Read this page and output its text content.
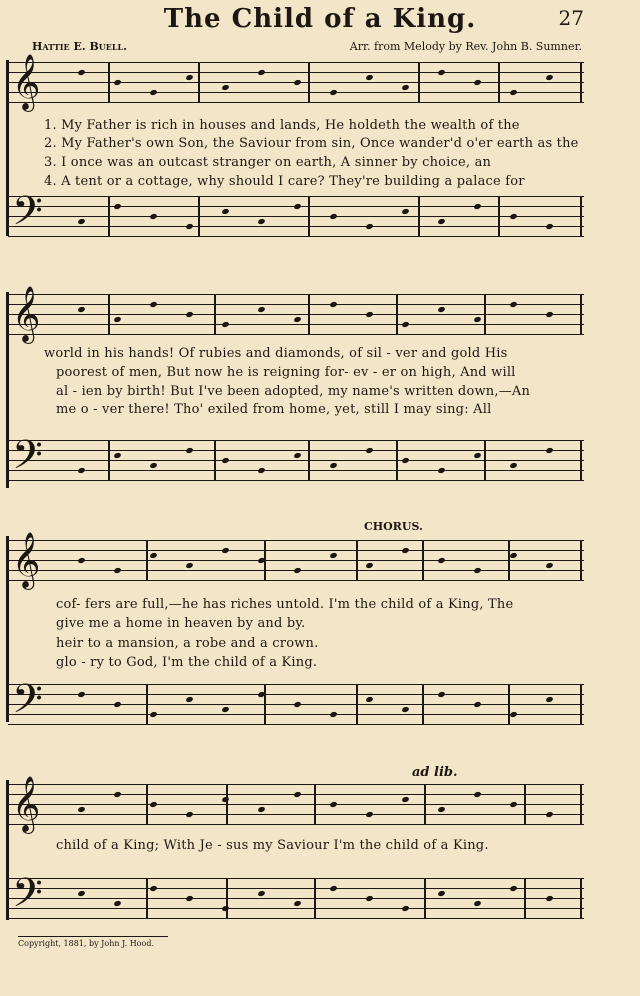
The Child of a King.	27
Hattie E. Buell.	Arr. from Melody by Rev. John B. Sumner.
𝄞
1. My Father is rich in houses and lands, He holdeth the wealth of the
2. My Father's own Son, the Saviour from sin, Once wander'd o'er earth as the
3. I once was an outcast stranger on earth, A sinner by choice, an
4. A tent or a cottage, why should I care? They're building a palace for
𝄢
𝄞
world in his hands! Of rubies and diamonds, of sil - ver and gold His
poorest of men, But now he is reigning for- ev - er on high, And will
al - ien by birth! But I've been adopted, my name's written down,—An
me o - ver there! Tho' exiled from home, yet, still I may sing: All
𝄢
CHORUS.
𝄞
cof- fers are full,—he has riches untold. I'm the child of a King, The
give me a home in heaven by and by.
heir to a mansion, a robe and a crown.
glo - ry to God, I'm the child of a King.
𝄢
ad lib.
𝄞
child of a King; With Je - sus my Saviour I'm the child of a King.
𝄢
Copyright, 1881, by John J. Hood.
